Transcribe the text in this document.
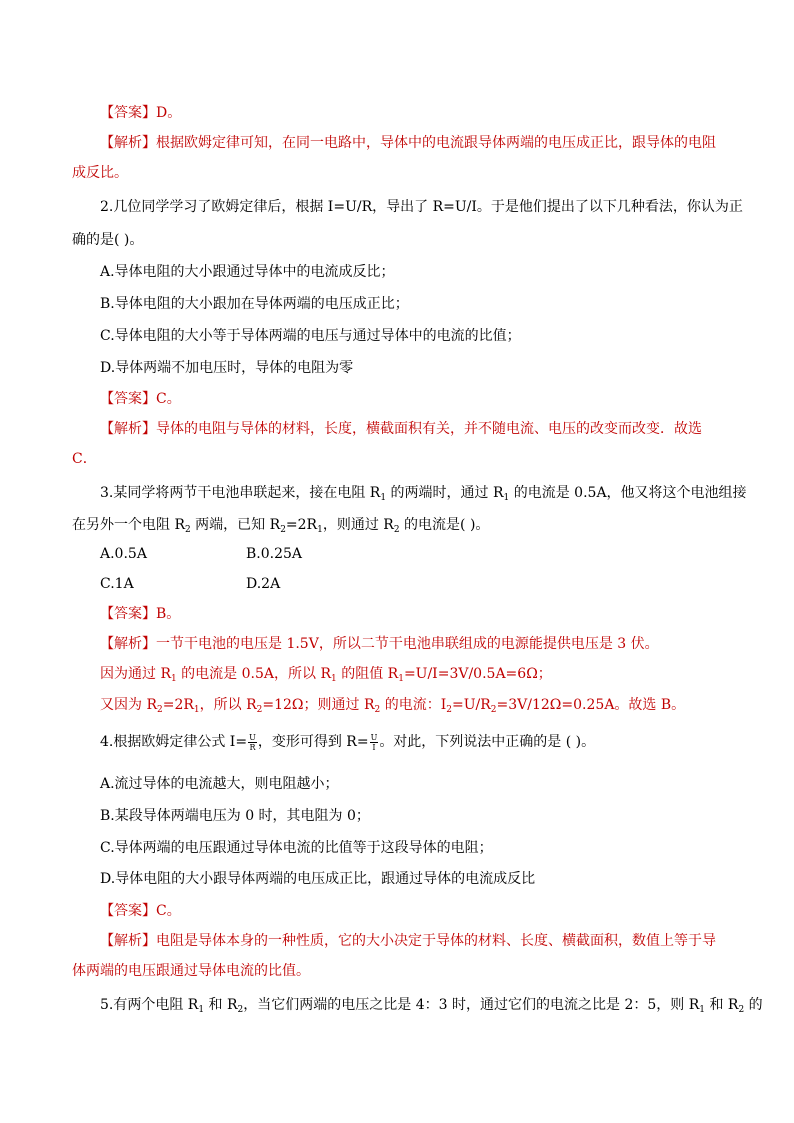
【答案】D。
【解析】根据欧姆定律可知，在同一电路中，导体中的电流跟导体两端的电压成正比，跟导体的电阻
成反比。
2.几位同学学习了欧姆定律后，根据 I=U/R，导出了 R=U/I。于是他们提出了以下几种看法，你认为正
确的是( )。
A.导体电阻的大小跟通过导体中的电流成反比；
B.导体电阻的大小跟加在导体两端的电压成正比；
C.导体电阻的大小等于导体两端的电压与通过导体中的电流的比值；
D.导体两端不加电压时，导体的电阻为零
【答案】C。
【解析】导体的电阻与导体的材料，长度，横截面积有关，并不随电流、电压的改变而改变．故选
C．
3.某同学将两节干电池串联起来，接在电阻 $R_1$ 的两端时，通过 $R_1$ 的电流是 0.5A，他又将这个电池组接
在另外一个电阻 $R_2$ 两端，已知 $R_2=2R_1$，则通过 $R_2$ 的电流是( )。
A.0.5A	B.0.25A
C.1A	D.2A
【答案】B。
【解析】一节干电池的电压是 1.5V，所以二节干电池串联组成的电源能提供电压是 3 伏。
因为通过 $R_1$ 的电流是 0.5A，所以 $R_1$ 的阻值 $R_1=U/I=3V/0.5A=6\Omega$；
又因为 $R_2=2R_1$，所以 $R_2=12\Omega$；则通过 $R_2$ 的电流：$I_2=U/R_2=3V/12\Omega=0.25A$。故选 B。
4.根据欧姆定律公式 $I= \frac{U}{R}$ ，变形可得到 $R= \frac{U}{I}$ 。对此，下列说法中正确的是 ( )。
A.流过导体的电流越大，则电阻越小；
B.某段导体两端电压为 0 时，其电阻为 0；
C.导体两端的电压跟通过导体电流的比值等于这段导体的电阻；
D.导体电阻的大小跟导体两端的电压成正比，跟通过导体的电流成反比
【答案】C。
【解析】电阻是导体本身的一种性质，它的大小决定于导体的材料、长度、横截面积，数值上等于导
体两端的电压跟通过导体电流的比值。
5.有两个电阻 $R_1$ 和 $R_2$，当它们两端的电压之比是 4：3 时，通过它们的电流之比是 2：5，则 $R_1$ 和 $R_2$ 的
